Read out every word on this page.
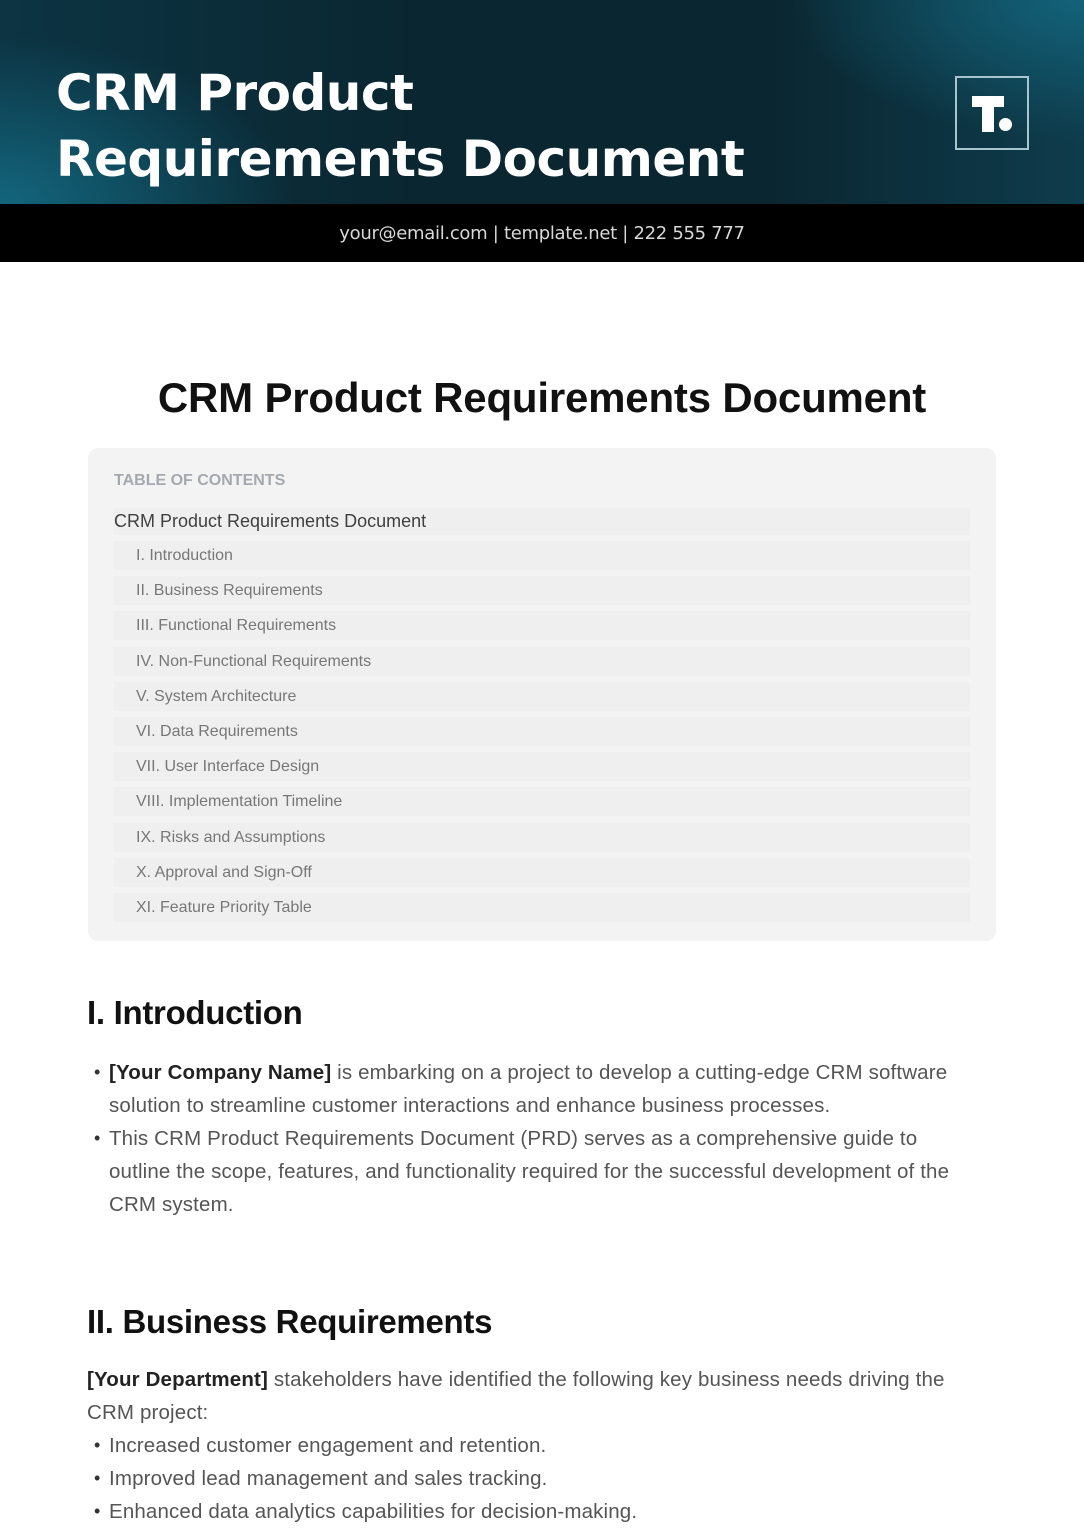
CRM Product
Requirements Document
your@email.com | template.net | 222 555 777
CRM Product Requirements Document
TABLE OF CONTENTS
CRM Product Requirements Document
I. Introduction
II. Business Requirements
III. Functional Requirements
IV. Non-Functional Requirements
V. System Architecture
VI. Data Requirements
VII. User Interface Design
VIII. Implementation Timeline
IX. Risks and Assumptions
X. Approval and Sign-Off
XI. Feature Priority Table
I. Introduction
• [Your Company Name] is embarking on a project to develop a cutting-edge CRM software solution to streamline customer interactions and enhance business processes.
• This CRM Product Requirements Document (PRD) serves as a comprehensive guide to outline the scope, features, and functionality required for the successful development of the CRM system.
II. Business Requirements

[Your Department] stakeholders have identified the following key business needs driving the CRM project:

• Increased customer engagement and retention.
• Improved lead management and sales tracking.
• Enhanced data analytics capabilities for decision-making.
